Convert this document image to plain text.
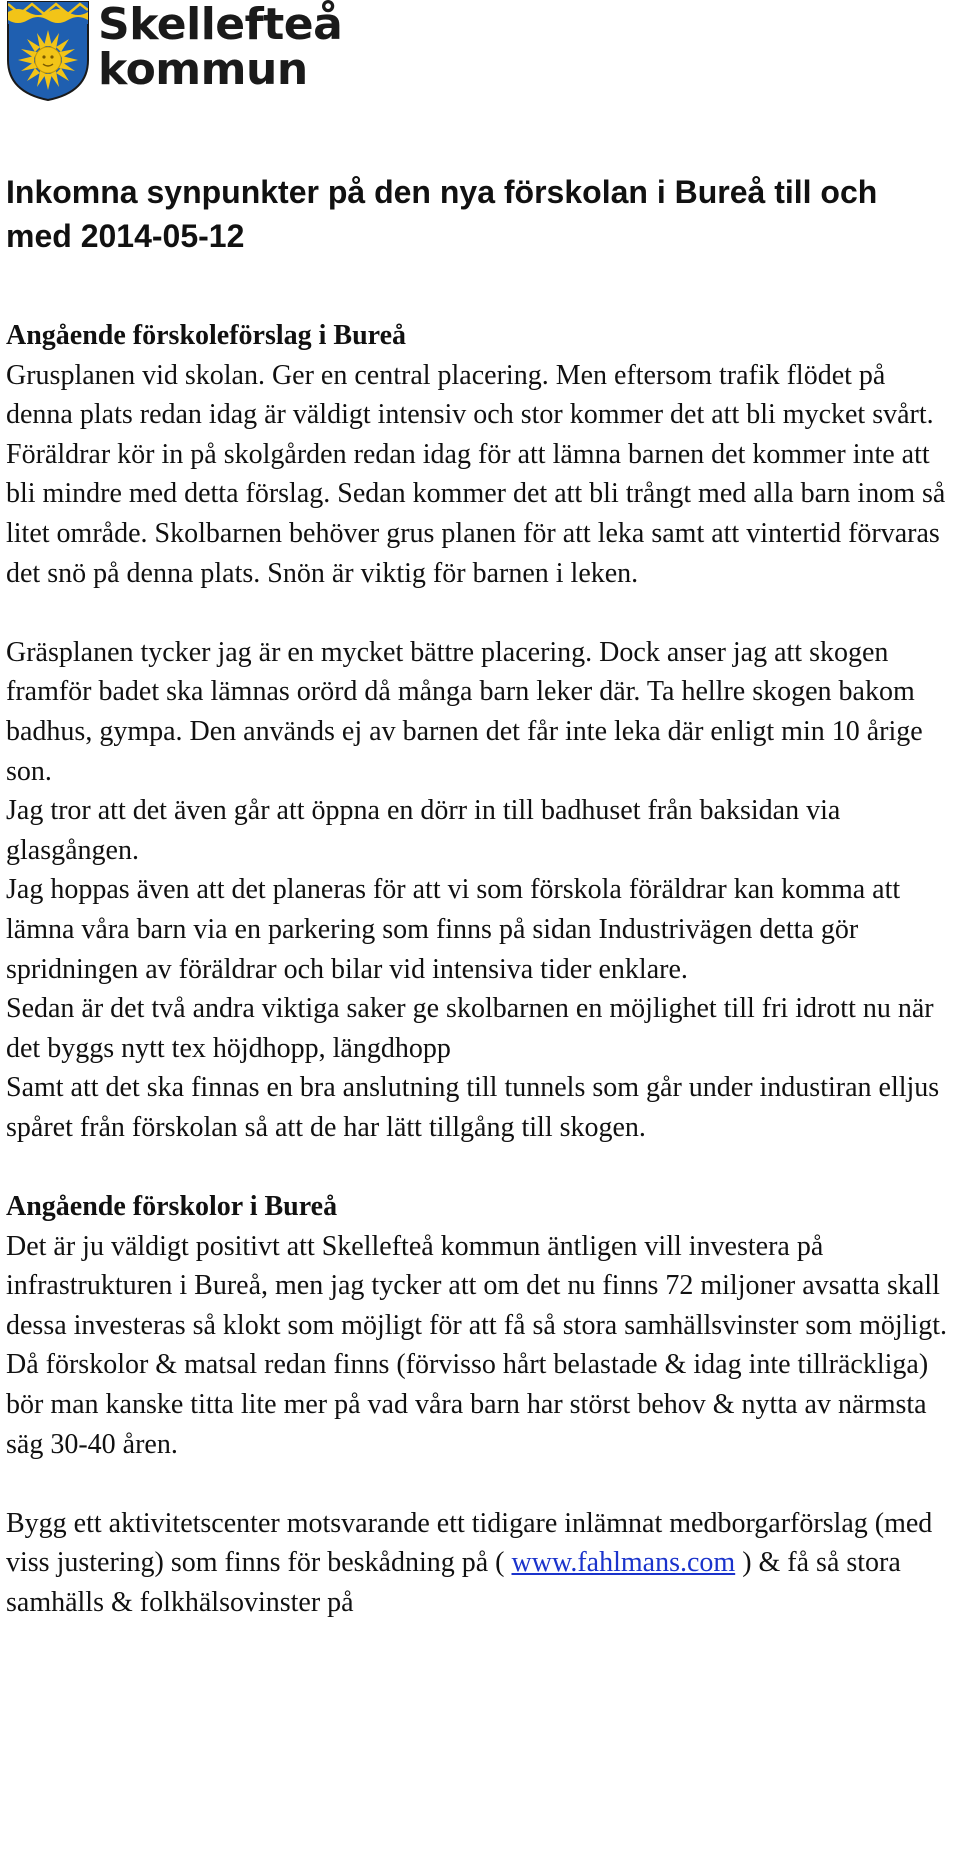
Skellefteå
kommun
Inkomna synpunkter på den nya förskolan i Bureå till och med 2014-05-12

Angående förskoleförslag i Bureå

Grusplanen vid skolan. Ger en central placering. Men eftersom trafik flödet på denna plats redan idag är väldigt intensiv och stor kommer det att bli mycket svårt. Föräldrar kör in på skolgården redan idag för att lämna barnen det kommer inte att bli mindre med detta förslag. Sedan kommer det att bli trångt med alla barn inom så litet område. Skolbarnen behöver grus planen för att leka samt att vintertid förvaras det snö på denna plats. Snön är viktig för barnen i leken.

Gräsplanen tycker jag är en mycket bättre placering. Dock anser jag att skogen framför badet ska lämnas orörd då många barn leker där. Ta hellre skogen bakom badhus, gympa. Den används ej av barnen det får inte leka där enligt min 10 årige son.

Jag tror att det även går att öppna en dörr in till badhuset från baksidan via glasgången.

Jag hoppas även att det planeras för att vi som förskola föräldrar kan komma att lämna våra barn via en parkering som finns på sidan Industrivägen detta gör spridningen av föräldrar och bilar vid intensiva tider enklare.

Sedan är det två andra viktiga saker ge skolbarnen en möjlighet till fri idrott nu när det byggs nytt tex höjdhopp, längdhopp

Samt att det ska finnas en bra anslutning till tunnels som går under industiran elljus spåret från förskolan så att de har lätt tillgång till skogen.

Angående förskolor i Bureå

Det är ju väldigt positivt att Skellefteå kommun äntligen vill investera på infrastrukturen i Bureå, men jag tycker att om det nu finns 72 miljoner avsatta skall dessa investeras så klokt som möjligt för att få så stora samhällsvinster som möjligt. Då förskolor & matsal redan finns (förvisso hårt belastade & idag inte tillräckliga) bör man kanske titta lite mer på vad våra barn har störst behov & nytta av närmsta säg 30-40 åren.

Bygg ett aktivitetscenter motsvarande ett tidigare inlämnat medborgarförslag (med viss justering) som finns för beskådning på ( www.fahlmans.com ) & få så stora samhälls & folkhälsovinster på
